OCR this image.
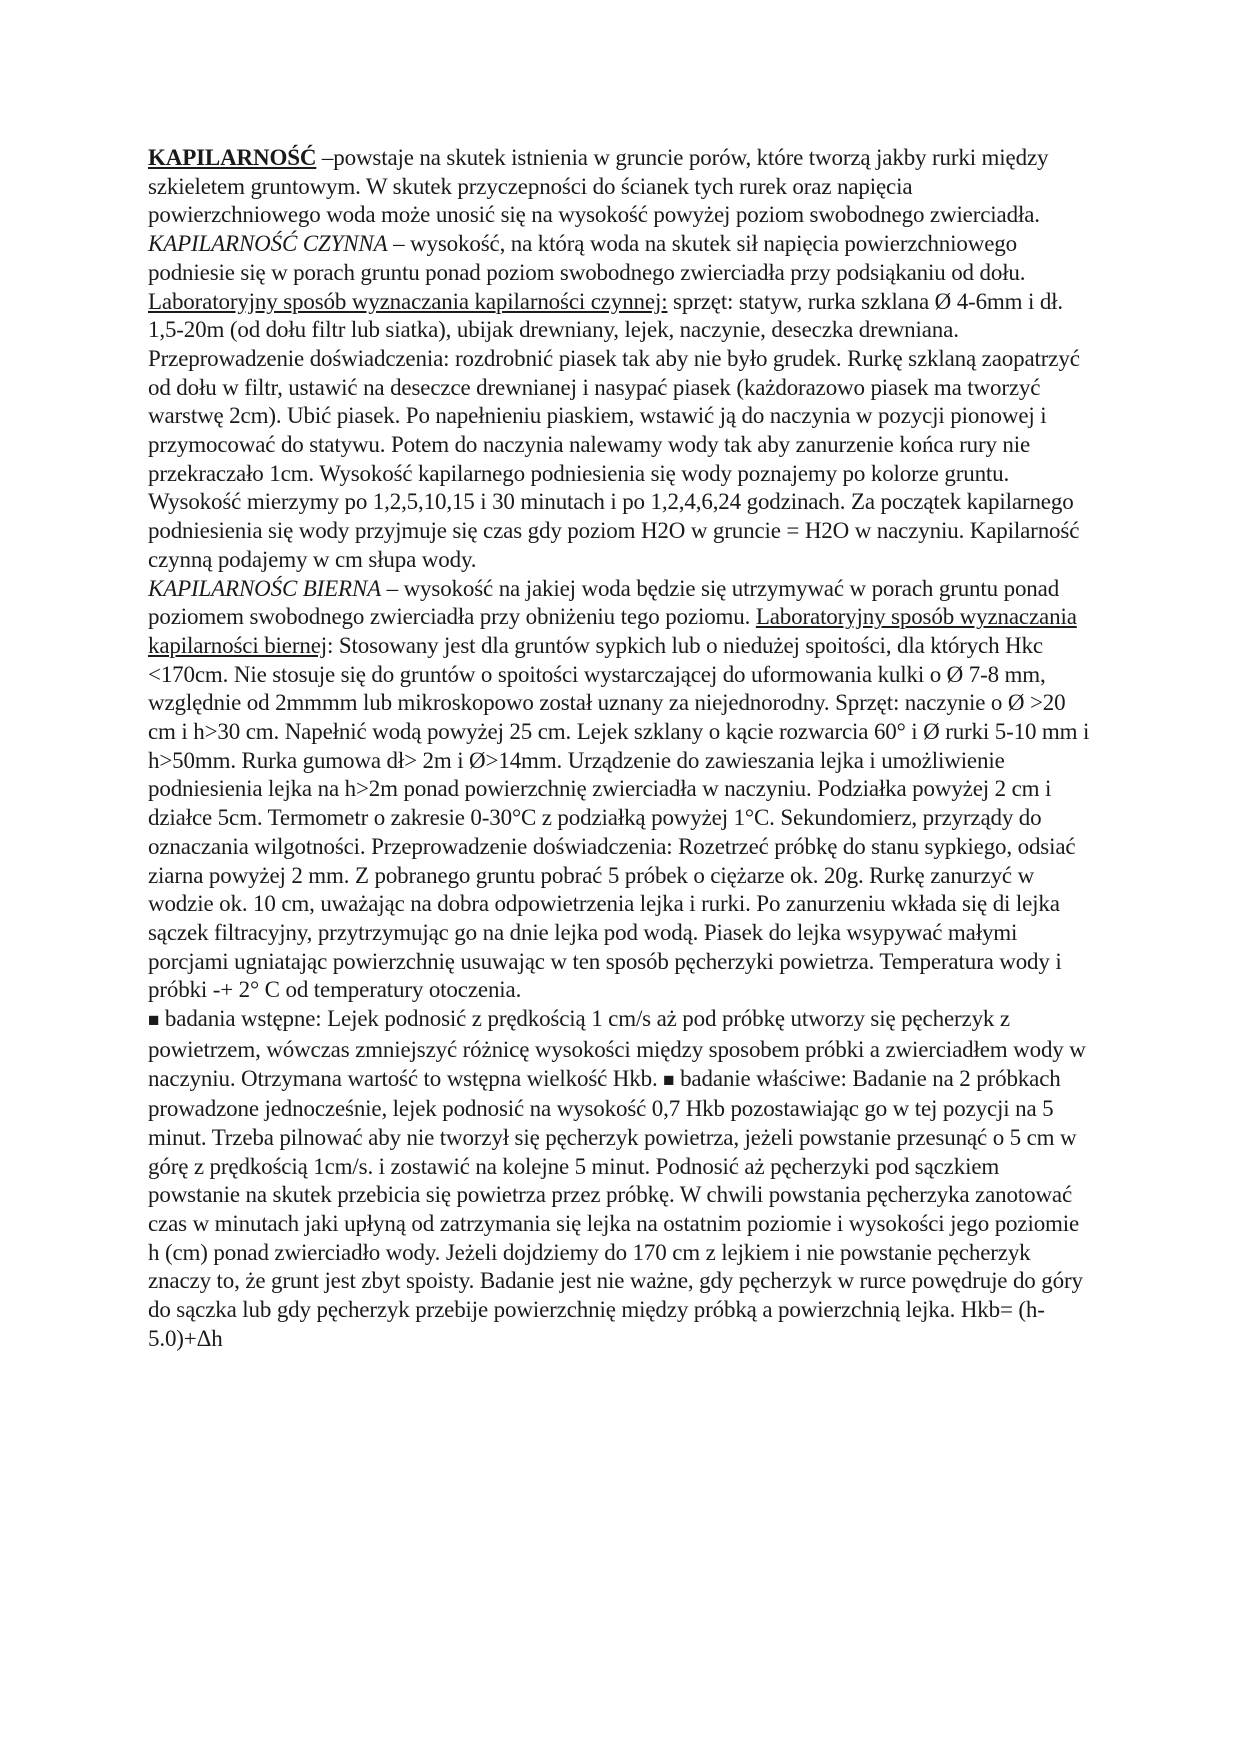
KAPILARNOŚĆ –powstaje na skutek istnienia w gruncie porów, które tworzą jakby rurki między szkieletem gruntowym. W skutek przyczepności do ścianek tych rurek oraz napięcia powierzchniowego woda może unosić się na wysokość powyżej poziom swobodnego zwierciadła.

KAPILARNOŚĆ CZYNNA – wysokość, na którą woda na skutek sił napięcia powierzchniowego podniesie się w porach gruntu ponad poziom swobodnego zwierciadła przy podsiąkaniu od dołu.

Laboratoryjny sposób wyznaczania kapilarności czynnej: sprzęt: statyw, rurka szklana Ø 4-6mm i dł. 1,5-20m (od dołu filtr lub siatka), ubijak drewniany, lejek, naczynie, deseczka drewniana. Przeprowadzenie doświadczenia: rozdrobnić piasek tak aby nie było grudek. Rurkę szklaną zaopatrzyć od dołu w filtr, ustawić na deseczce drewnianej i nasypać piasek (każdorazowo piasek ma tworzyć warstwę 2cm). Ubić piasek. Po napełnieniu piaskiem, wstawić ją do naczynia w pozycji pionowej i przymocować do statywu. Potem do naczynia nalewamy wody tak aby zanurzenie końca rury nie przekraczało 1cm. Wysokość kapilarnego podniesienia się wody poznajemy po kolorze gruntu. Wysokość mierzymy po 1,2,5,10,15 i 30 minutach i po 1,2,4,6,24 godzinach. Za początek kapilarnego podniesienia się wody przyjmuje się czas gdy poziom H2O w gruncie = H2O w naczyniu. Kapilarność czynną podajemy w cm słupa wody.

KAPILARNOŚC BIERNA – wysokość na jakiej woda będzie się utrzymywać w porach gruntu ponad poziomem swobodnego zwierciadła przy obniżeniu tego poziomu. Laboratoryjny sposób wyznaczania kapilarności biernej: Stosowany jest dla gruntów sypkich lub o niedużej spoitości, dla których Hkc <170cm. Nie stosuje się do gruntów o spoitości wystarczającej do uformowania kulki o Ø 7-8 mm, względnie od 2mmmm lub mikroskopowo został uznany za niejednorodny. Sprzęt: naczynie o Ø >20 cm i h>30 cm. Napełnić wodą powyżej 25 cm. Lejek szklany o kącie rozwarcia 60° i Ø rurki 5-10 mm i h>50mm. Rurka gumowa dł> 2m i Ø>14mm. Urządzenie do zawieszania lejka i umożliwienie podniesienia lejka na h>2m ponad powierzchnię zwierciadła w naczyniu. Podziałka powyżej 2 cm i działce 5cm. Termometr o zakresie 0-30°C z podziałką powyżej 1°C. Sekundomierz, przyrządy do oznaczania wilgotności. Przeprowadzenie doświadczenia: Rozetrzeć próbkę do stanu sypkiego, odsiać ziarna powyżej 2 mm. Z pobranego gruntu pobrać 5 próbek o ciężarze ok. 20g. Rurkę zanurzyć w wodzie ok. 10 cm, uważając na dobra odpowietrzenia lejka i rurki. Po zanurzeniu wkłada się di lejka sączek filtracyjny, przytrzymując go na dnie lejka pod wodą. Piasek do lejka wsypywać małymi porcjami ugniatając powierzchnię usuwając w ten sposób pęcherzyki powietrza. Temperatura wody i próbki -+ 2° C od temperatury otoczenia.

■ badania wstępne: Lejek podnosić z prędkością 1 cm/s aż pod próbkę utworzy się pęcherzyk z powietrzem, wówczas zmniejszyć różnicę wysokości między sposobem próbki a zwierciadłem wody w naczyniu. Otrzymana wartość to wstępna wielkość Hkb. ■ badanie właściwe: Badanie na 2 próbkach prowadzone jednocześnie, lejek podnosić na wysokość 0,7 Hkb pozostawiając go w tej pozycji na 5 minut. Trzeba pilnować aby nie tworzył się pęcherzyk powietrza, jeżeli powstanie przesunąć o 5 cm w górę z prędkością 1cm/s. i zostawić na kolejne 5 minut. Podnosić aż pęcherzyki pod sączkiem powstanie na skutek przebicia się powietrza przez próbkę. W chwili powstania pęcherzyka zanotować czas w minutach jaki upłyną od zatrzymania się lejka na ostatnim poziomie i wysokości jego poziomie h (cm) ponad zwierciadło wody. Jeżeli dojdziemy do 170 cm z lejkiem i nie powstanie pęcherzyk znaczy to, że grunt jest zbyt spoisty. Badanie jest nie ważne, gdy pęcherzyk w rurce powędruje do góry do sączka lub gdy pęcherzyk przebije powierzchnię między próbką a powierzchnią lejka. Hkb= (h-5.0)+Δh
